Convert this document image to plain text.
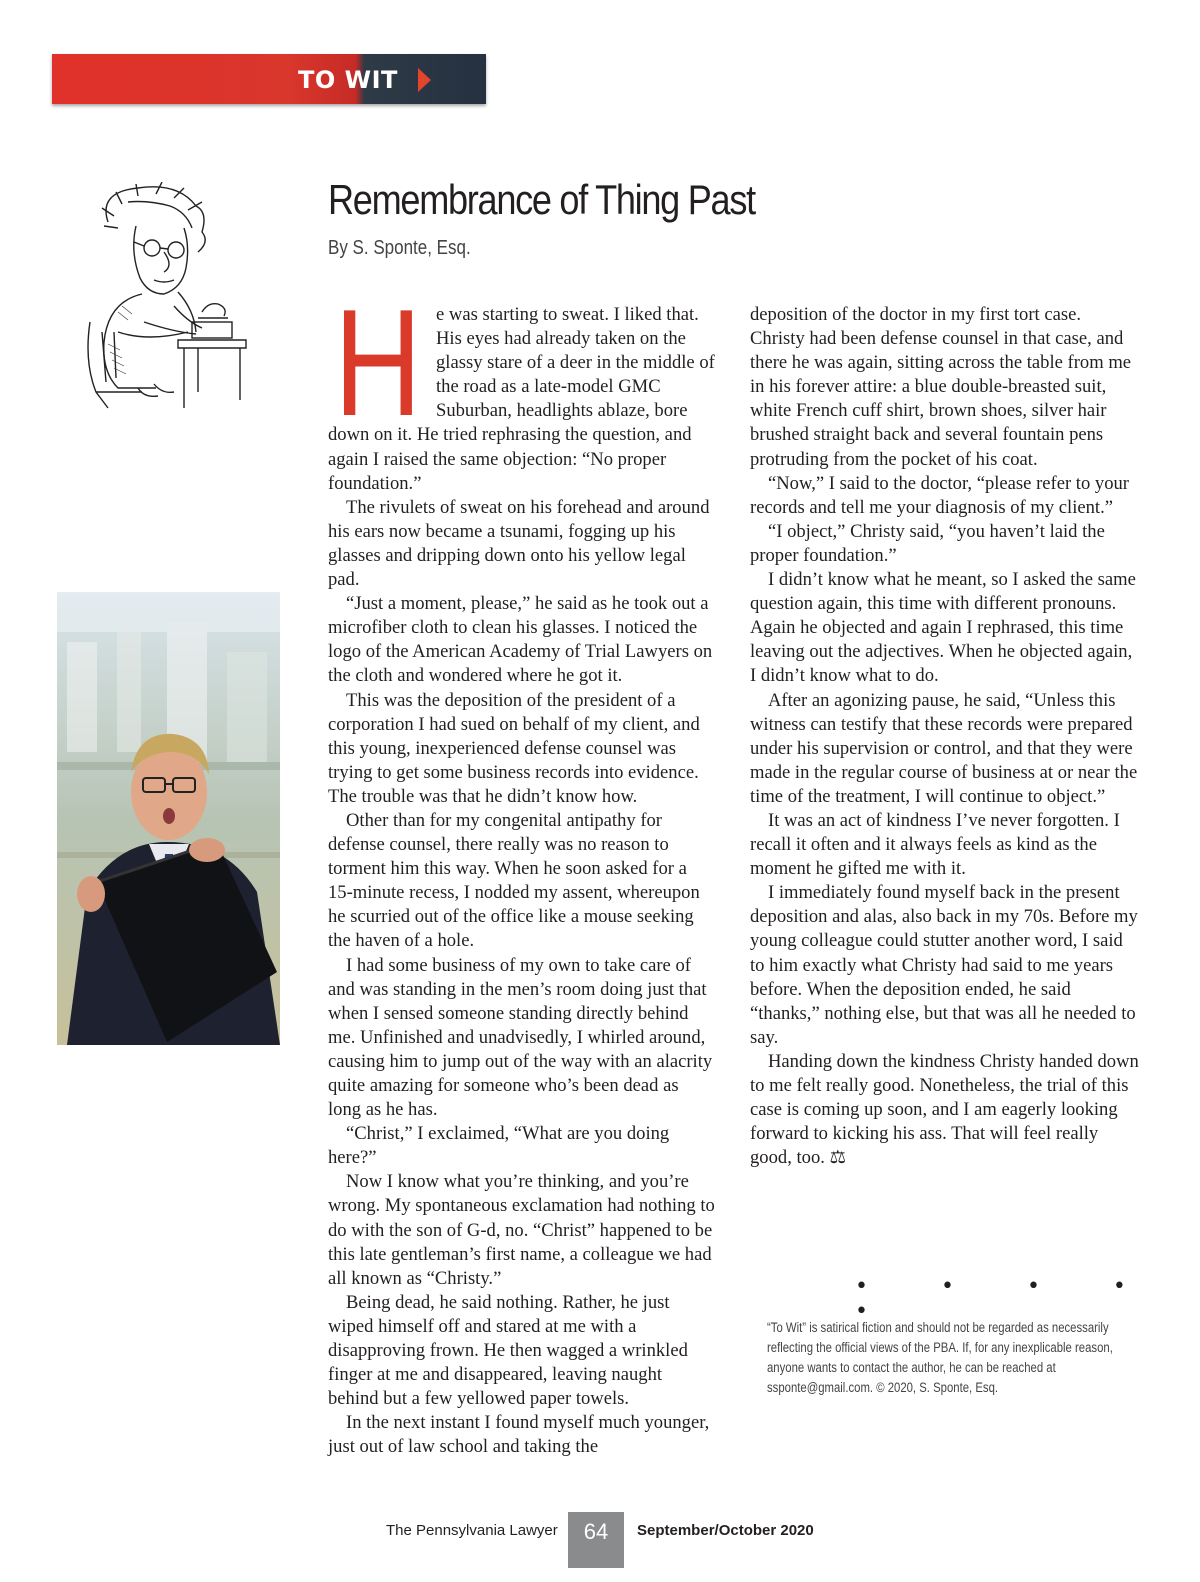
TO WIT
Remembrance of Thing Past
By S. Sponte, Esq.
H e was starting to sweat. I liked that. His eyes had already taken on the glassy stare of a deer in the middle of the road as a late-model GMC Suburban, headlights ablaze, bore down on it. He tried rephrasing the question, and again I raised the same objection: “No proper foundation.”

The rivulets of sweat on his forehead and around his ears now became a tsunami, fogging up his glasses and dripping down onto his yellow legal pad.

“Just a moment, please,” he said as he took out a microfiber cloth to clean his glasses. I noticed the logo of the American Academy of Trial Lawyers on the cloth and wondered where he got it.

This was the deposition of the president of a corporation I had sued on behalf of my client, and this young, inexperienced defense counsel was trying to get some business records into evidence. The trouble was that he didn’t know how.

Other than for my congenital antipathy for defense counsel, there really was no reason to torment him this way. When he soon asked for a 15-minute recess, I nodded my assent, whereupon he scurried out of the office like a mouse seeking the haven of a hole.

I had some business of my own to take care of and was standing in the men’s room doing just that when I sensed someone standing directly behind me. Unfinished and unadvisedly, I whirled around, causing him to jump out of the way with an alacrity quite amazing for someone who’s been dead as long as he has.

“Christ,” I exclaimed, “What are you doing here?”

Now I know what you’re thinking, and you’re wrong. My spontaneous exclamation had nothing to do with the son of G-d, no. “Christ” happened to be this late gentleman’s first name, a colleague we had all known as “Christy.”

Being dead, he said nothing. Rather, he just wiped himself off and stared at me with a disapproving frown. He then wagged a wrinkled finger at me and disappeared, leaving naught behind but a few yellowed paper towels.

In the next instant I found myself much younger, just out of law school and taking the

deposition of the doctor in my first tort case. Christy had been defense counsel in that case, and there he was again, sitting across the table from me in his forever attire: a blue double-breasted suit, white French cuff shirt, brown shoes, silver hair brushed straight back and several fountain pens protruding from the pocket of his coat.

“Now,” I said to the doctor, “please refer to your records and tell me your diagnosis of my client.”

“I object,” Christy said, “you haven’t laid the proper foundation.”

I didn’t know what he meant, so I asked the same question again, this time with different pronouns. Again he objected and again I rephrased, this time leaving out the adjectives. When he objected again, I didn’t know what to do.

After an agonizing pause, he said, “Unless this witness can testify that these records were prepared under his supervision or control, and that they were made in the regular course of business at or near the time of the treatment, I will continue to object.”

It was an act of kindness I’ve never forgotten. I recall it often and it always feels as kind as the moment he gifted me with it.

I immediately found myself back in the present deposition and alas, also back in my 70s. Before my young colleague could stutter another word, I said to him exactly what Christy had said to me years before. When the deposition ended, he said “thanks,” nothing else, but that was all he needed to say.

Handing down the kindness Christy handed down to me felt really good. Nonetheless, the trial of this case is coming up soon, and I am eagerly looking forward to kicking his ass. That will feel really good, too. ⚖

• • • • •
“To Wit” is satirical fiction and should not be regarded as necessarily reflecting the official views of the PBA. If, for any inexplicable reason, anyone wants to contact the author, he can be reached at ssponte@gmail.com. © 2020, S. Sponte, Esq.
The Pennsylvania Lawyer	64	September/October 2020
